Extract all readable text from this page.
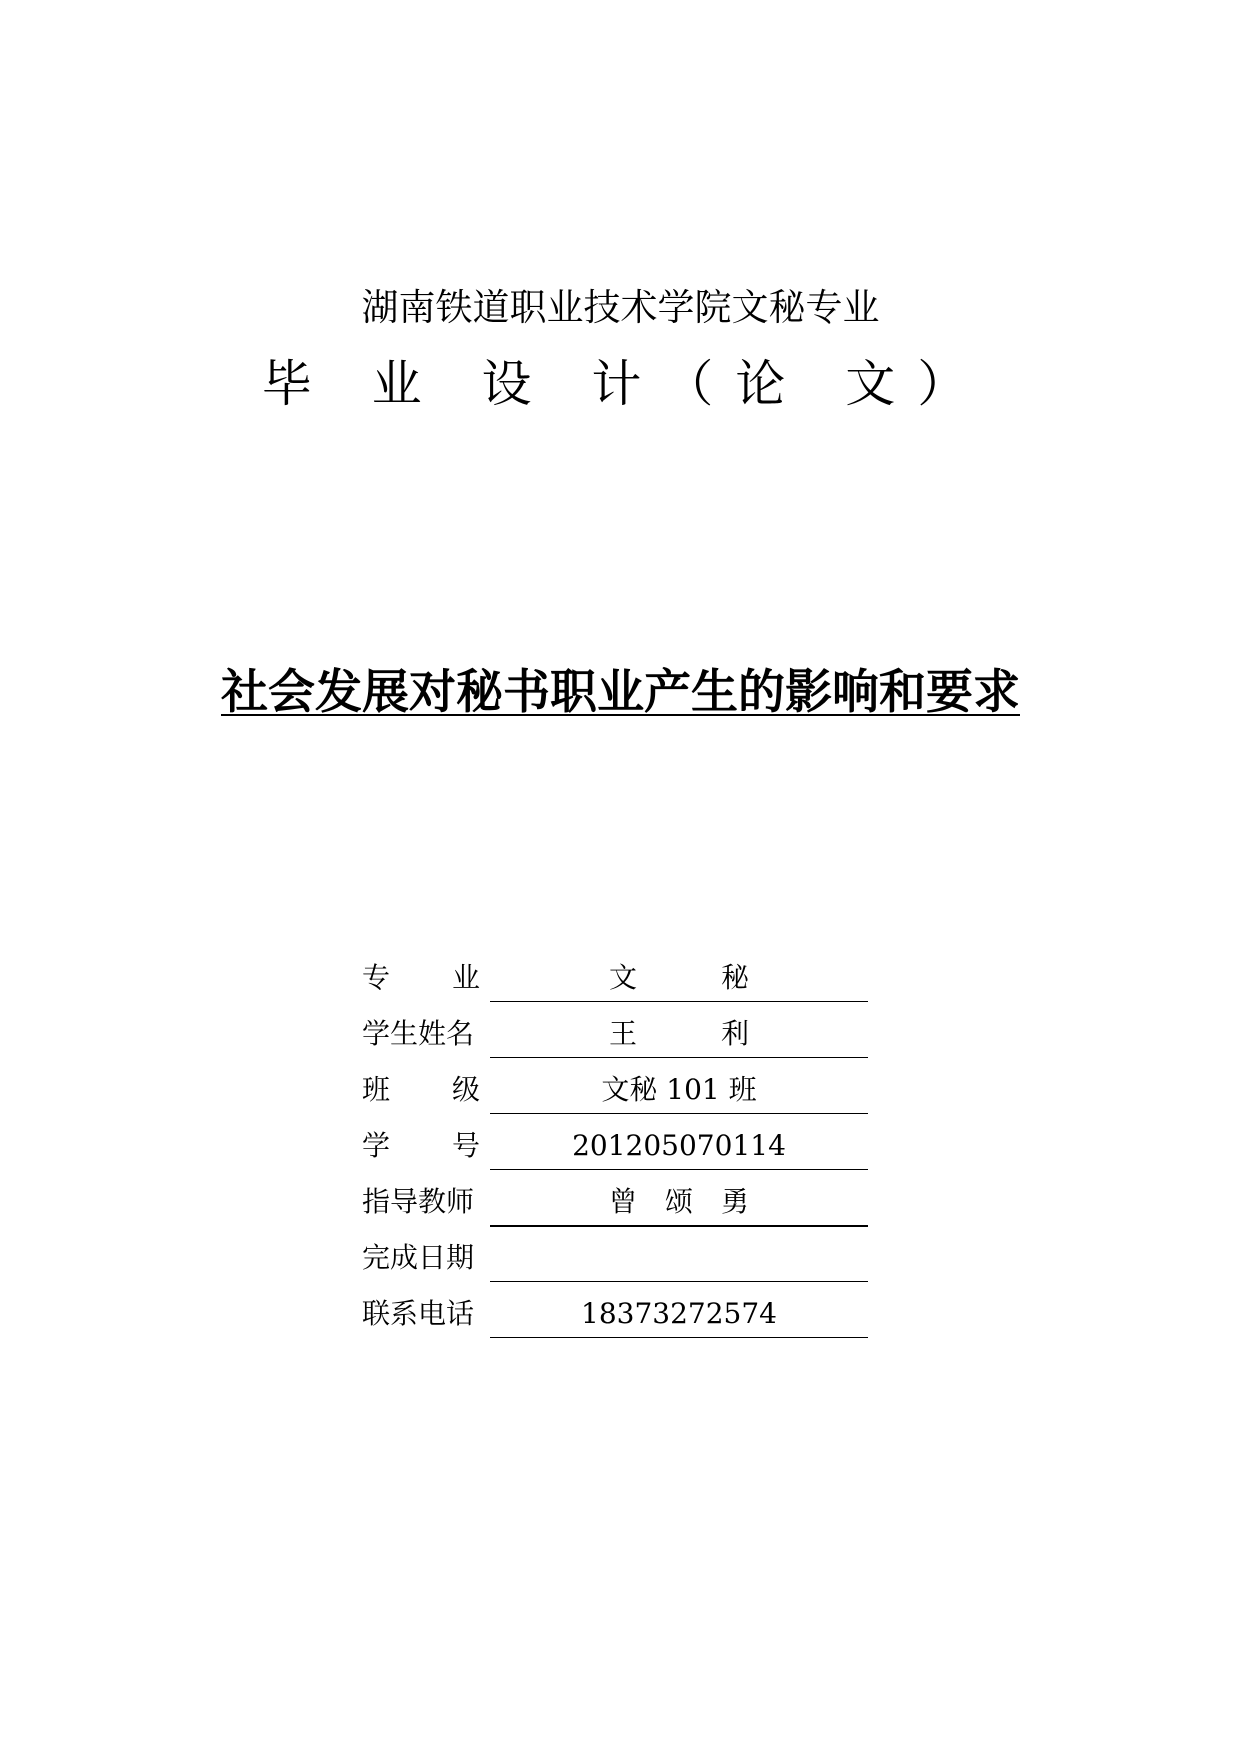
湖南铁道职业技术学院文秘专业
毕 业 设 计（论 文）
社会发展对秘书职业产生的影响和要求
专 业	文　　　秘
学生姓名	王　　　利
班 级	文秘 101 班
学 号	201205070114
指导教师	曾　颂　勇
完成日期
联系电话	18373272574
